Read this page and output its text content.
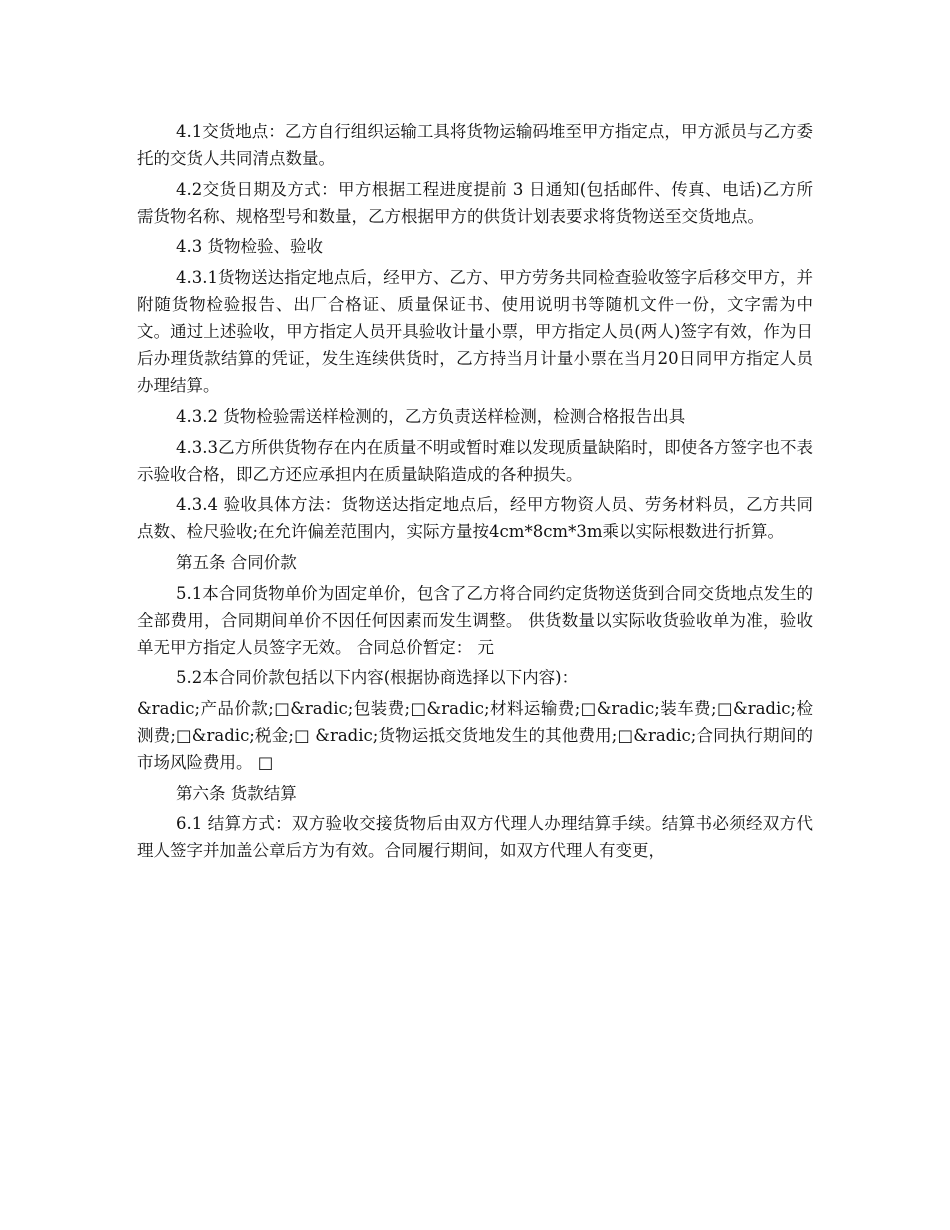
4.1交货地点：乙方自行组织运输工具将货物运输码堆至甲方指定点，甲方派员与乙方委托的交货人共同清点数量。

4.2交货日期及方式：甲方根据工程进度提前 3 日通知(包括邮件、传真、电话)乙方所需货物名称、规格型号和数量，乙方根据甲方的供货计划表要求将货物送至交货地点。

4.3 货物检验、验收

4.3.1货物送达指定地点后，经甲方、乙方、甲方劳务共同检查验收签字后移交甲方，并附随货物检验报告、出厂合格证、质量保证书、使用说明书等随机文件一份，文字需为中文。通过上述验收，甲方指定人员开具验收计量小票，甲方指定人员(两人)签字有效，作为日后办理货款结算的凭证，发生连续供货时，乙方持当月计量小票在当月20日同甲方指定人员办理结算。

4.3.2 货物检验需送样检测的，乙方负责送样检测，检测合格报告出具

4.3.3乙方所供货物存在内在质量不明或暂时难以发现质量缺陷时，即使各方签字也不表示验收合格，即乙方还应承担内在质量缺陷造成的各种损失。

4.3.4 验收具体方法：货物送达指定地点后，经甲方物资人员、劳务材料员，乙方共同点数、检尺验收;在允许偏差范围内，实际方量按4cm*8cm*3m乘以实际根数进行折算。

第五条 合同价款

5.1本合同货物单价为固定单价，包含了乙方将合同约定货物送货到合同交货地点发生的全部费用，合同期间单价不因任何因素而发生调整。 供货数量以实际收货验收单为准，验收单无甲方指定人员签字无效。 合同总价暂定： 元

5.2本合同价款包括以下内容(根据协商选择以下内容)：

&radic;产品价款;□&radic;包装费;□&radic;材料运输费;□&radic;装车费;□&radic;检测费;□&radic;税金;□ &radic;货物运抵交货地发生的其他费用;□&radic;合同执行期间的市场风险费用。 □

第六条 货款结算

6.1 结算方式：双方验收交接货物后由双方代理人办理结算手续。结算书必须经双方代理人签字并加盖公章后方为有效。合同履行期间，如双方代理人有变更，
